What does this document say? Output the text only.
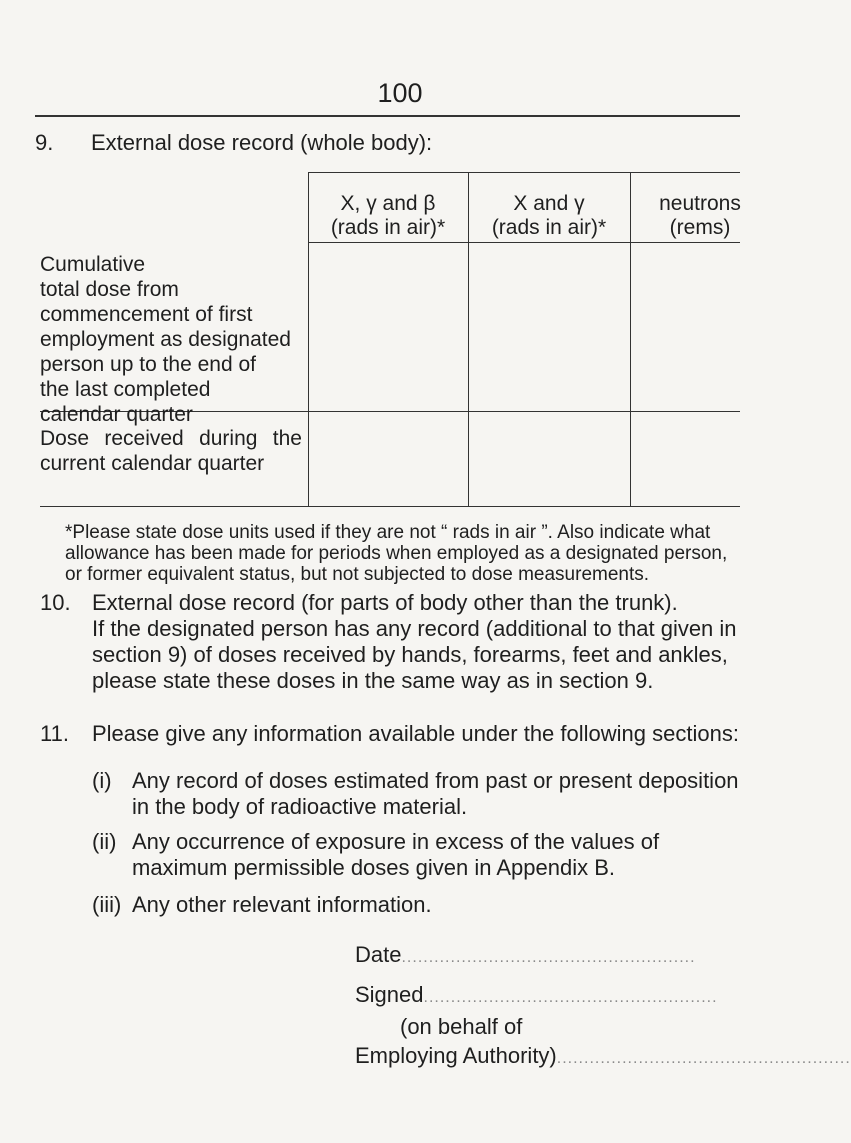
100
9. External dose record (whole body):
X, γ and β
(rads in air)*
X and γ
(rads in air)*
neutrons
(rems)
Cumulative
total dose from
commencement of first
employment as designated
person up to the end of
the last completed
calendar quarter
Dose received during the
current calendar quarter
*Please state dose units used if they are not “ rads in air ”. Also indicate what allowance has been made for periods when employed as a designated person, or former equivalent status, but not subjected to dose measurements.
10. External dose record (for parts of body other than the trunk).
If the designated person has any record (additional to that given in section 9) of doses received by hands, forearms, feet and ankles, please state these doses in the same way as in section 9.
11. Please give any information available under the following sections:
(i) Any record of doses estimated from past or present deposition in the body of radioactive material.
(ii) Any occurrence of exposure in excess of the values of maximum permissible doses given in Appendix B.
(iii) Any other relevant information.
Date......................................................
Signed......................................................
(on behalf of
Employing Authority)......................................................
